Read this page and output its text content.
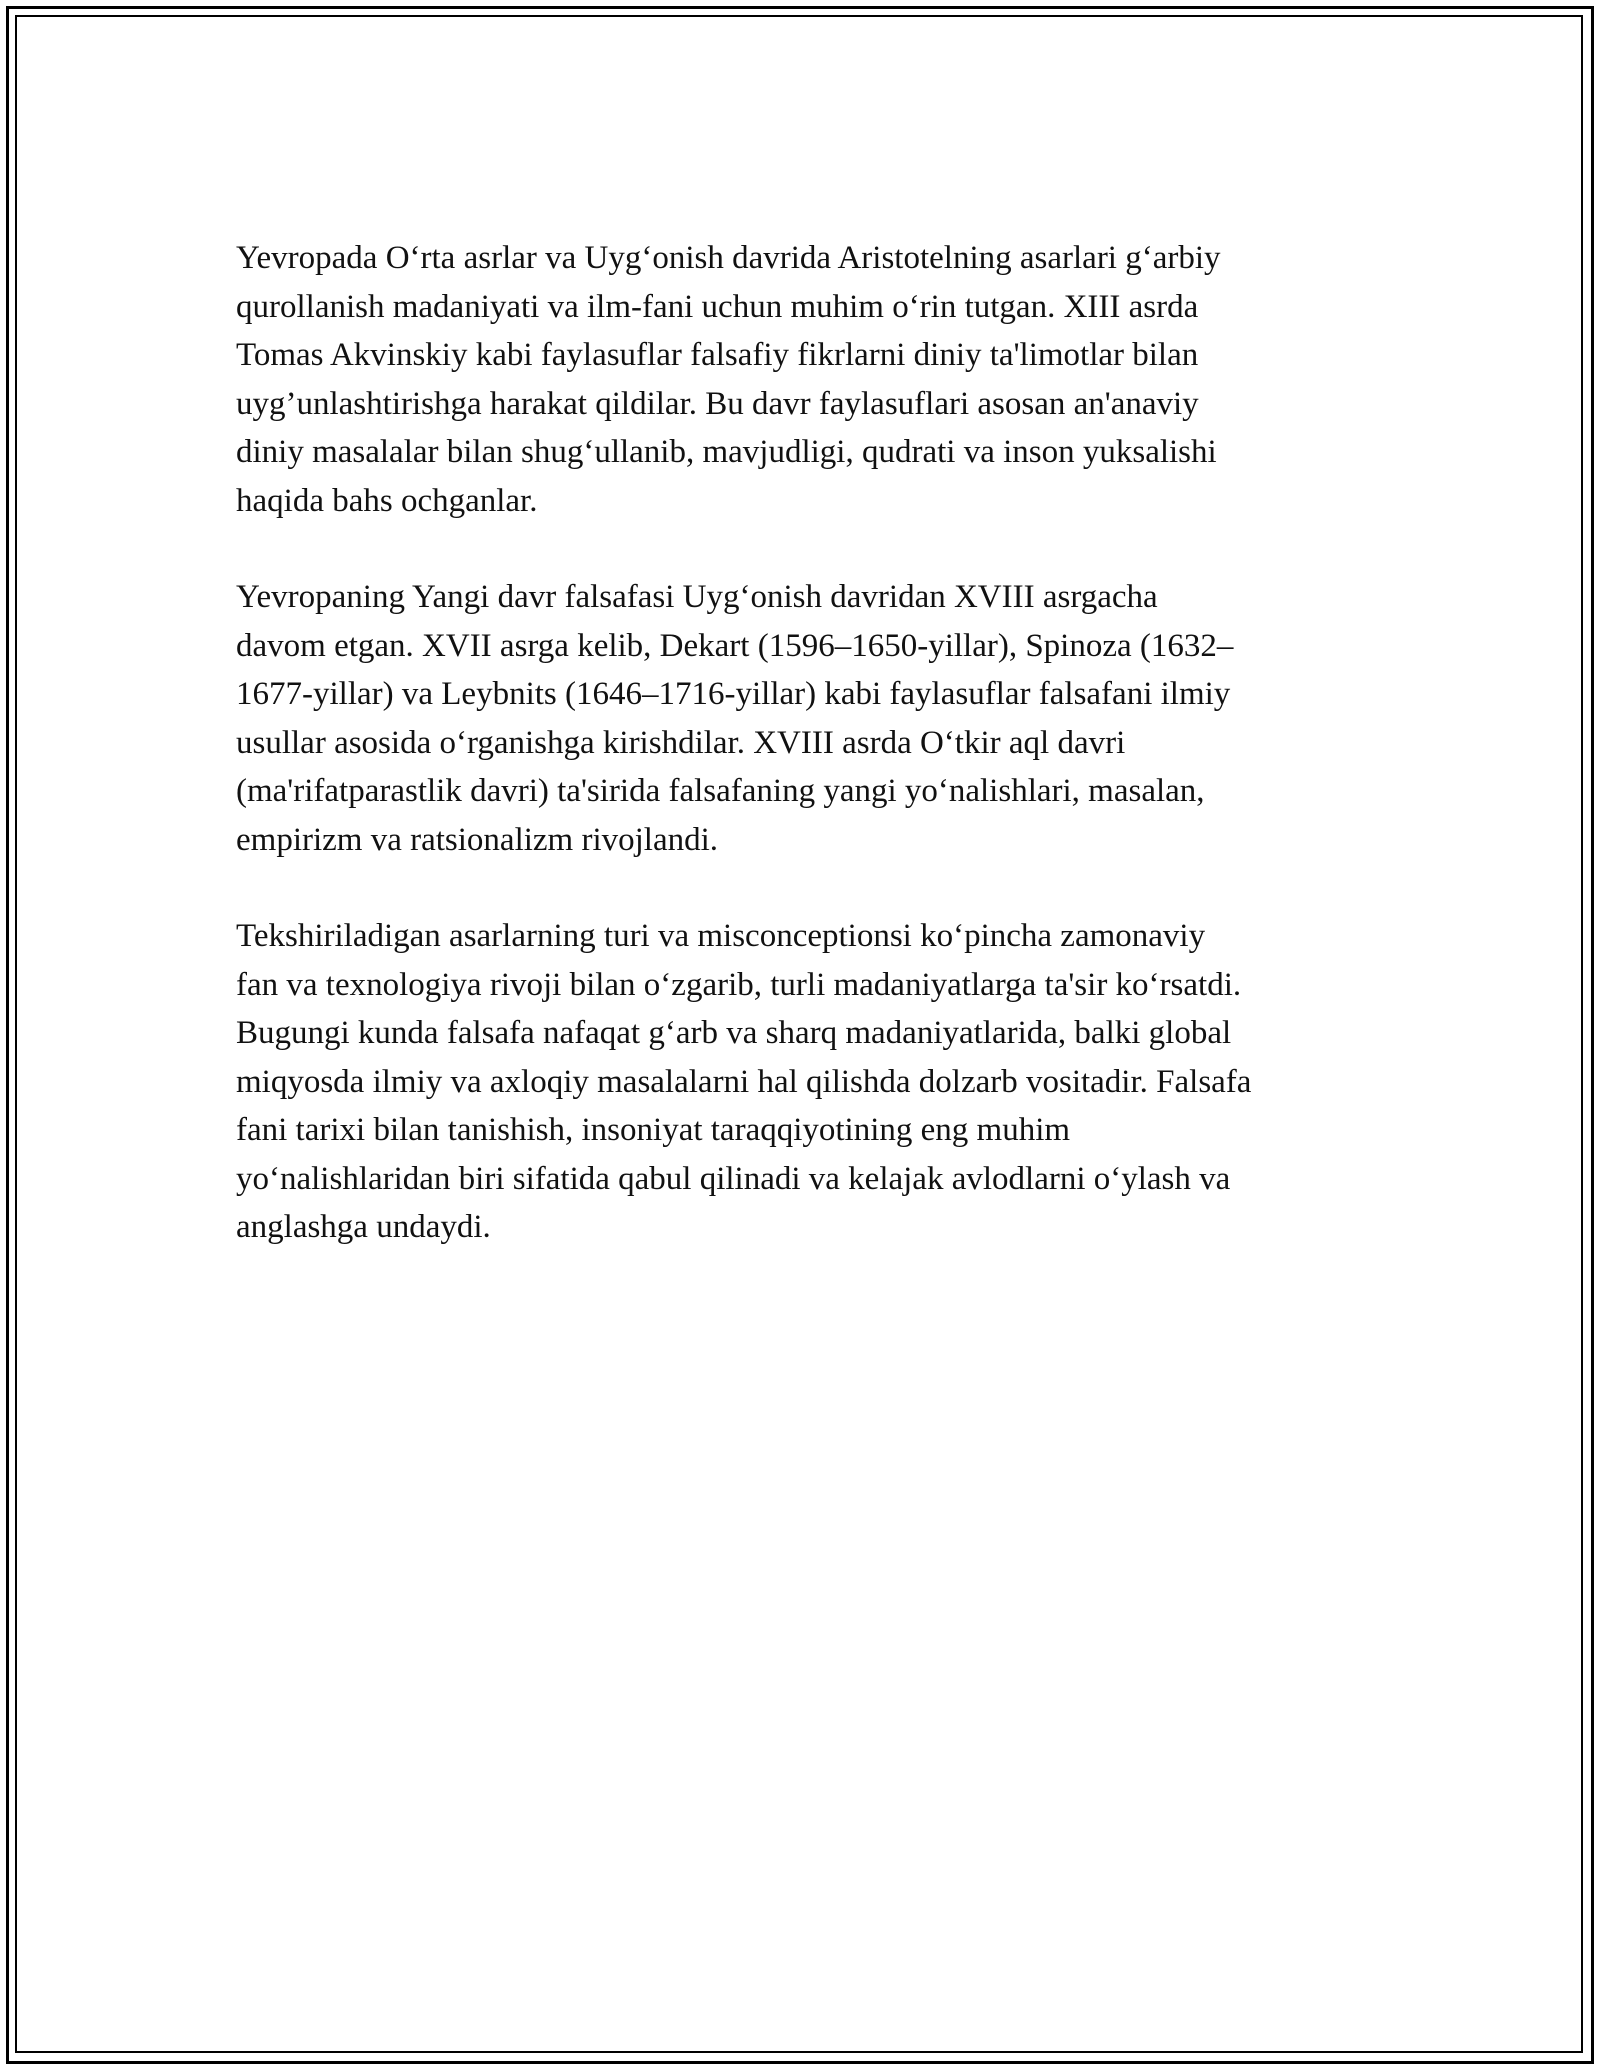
Yevropada O‘rta asrlar va Uyg‘onish davrida Aristotelning asarlari g‘arbiy
qurollanish madaniyati va ilm-fani uchun muhim o‘rin tutgan. XIII asrda
Tomas Akvinskiy kabi faylasuflar falsafiy fikrlarni diniy ta'limotlar bilan
uyg’unlashtirishga harakat qildilar. Bu davr faylasuflari asosan an'anaviy
diniy masalalar bilan shug‘ullanib, mavjudligi, qudrati va inson yuksalishi
haqida bahs ochganlar.

Yevropaning Yangi davr falsafasi Uyg‘onish davridan XVIII asrgacha
davom etgan. XVII asrga kelib, Dekart (1596–1650-yillar), Spinoza (1632–
1677-yillar) va Leybnits (1646–1716-yillar) kabi faylasuflar falsafani ilmiy
usullar asosida o‘rganishga kirishdilar. XVIII asrda O‘tkir aql davri
(ma'rifatparastlik davri) ta'sirida falsafaning yangi yo‘nalishlari, masalan,
empirizm va ratsionalizm rivojlandi.

Tekshiriladigan asarlarning turi va misconceptionsi ko‘pincha zamonaviy
fan va texnologiya rivoji bilan o‘zgarib, turli madaniyatlarga ta'sir ko‘rsatdi.
Bugungi kunda falsafa nafaqat g‘arb va sharq madaniyatlarida, balki global
miqyosda ilmiy va axloqiy masalalarni hal qilishda dolzarb vositadir. Falsafa
fani tarixi bilan tanishish, insoniyat taraqqiyotining eng muhim
yo‘nalishlaridan biri sifatida qabul qilinadi va kelajak avlodlarni o‘ylash va
anglashga undaydi.
